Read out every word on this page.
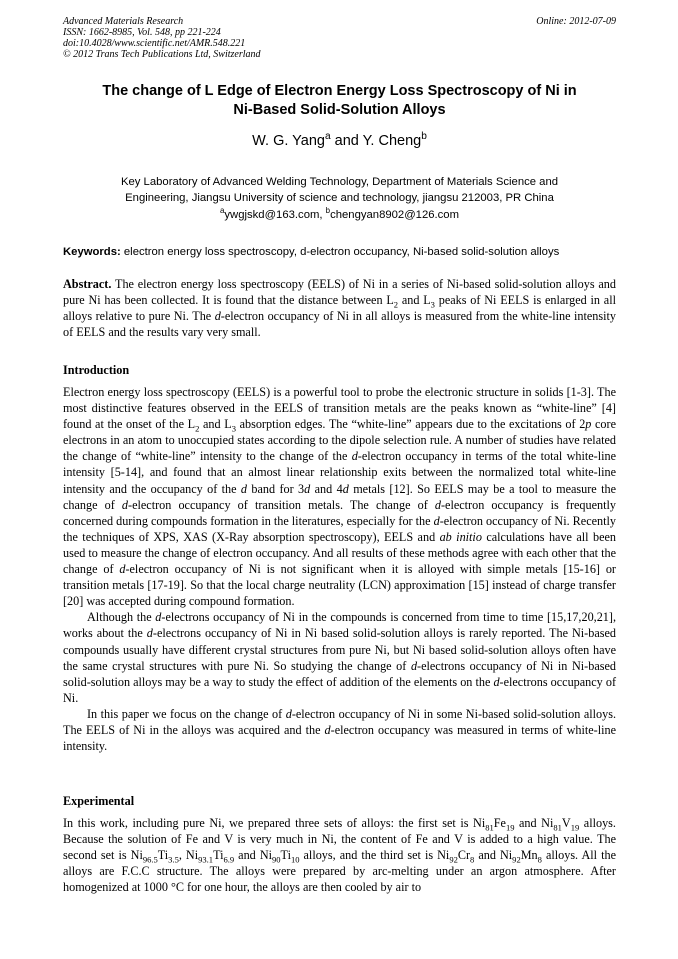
Advanced Materials Research
ISSN: 1662-8985, Vol. 548, pp 221-224
doi:10.4028/www.scientific.net/AMR.548.221
© 2012 Trans Tech Publications Ltd, Switzerland
Online: 2012-07-09
The change of L Edge of Electron Energy Loss Spectroscopy of Ni in
Ni-Based Solid-Solution Alloys
W. G. Yang$^a$ and Y. Cheng$^b$
Key Laboratory of Advanced Welding Technology, Department of Materials Science and
Engineering, Jiangsu University of science and technology, jiangsu 212003, PR China
$^a$ywgjskd@163.com, $^b$chengyan8902@126.com
Keywords: electron energy loss spectroscopy, d-electron occupancy, Ni-based solid-solution alloys

Abstract. The electron energy loss spectroscopy (EELS) of Ni in a series of Ni-based solid-solution alloys and pure Ni has been collected. It is found that the distance between $L_2$ and $L_3$ peaks of Ni EELS is enlarged in all alloys relative to pure Ni. The d-electron occupancy of Ni in all alloys is measured from the white-line intensity of EELS and the results vary very small.

Introduction

Electron energy loss spectroscopy (EELS) is a powerful tool to probe the electronic structure in solids [1-3]. The most distinctive features observed in the EELS of transition metals are the peaks known as “white-line” [4] found at the onset of the $L_2$ and $L_3$ absorption edges. The “white-line” appears due to the excitations of 2p core electrons in an atom to unoccupied states according to the dipole selection rule. A number of studies have related the change of “white-line” intensity to the change of the d-electron occupancy in terms of the total white-line intensity [5-14], and found that an almost linear relationship exits between the normalized total white-line intensity and the occupancy of the d band for 3d and 4d metals [12]. So EELS may be a tool to measure the change of d-electron occupancy of transition metals. The change of d-electron occupancy is frequently concerned during compounds formation in the literatures, especially for the d-electron occupancy of Ni. Recently the techniques of XPS, XAS (X-Ray absorption spectroscopy), EELS and ab initio calculations have all been used to measure the change of electron occupancy. And all results of these methods agree with each other that the change of d-electron occupancy of Ni is not significant when it is alloyed with simple metals [15-16] or transition metals [17-19]. So that the local charge neutrality (LCN) approximation [15] instead of charge transfer [20] was accepted during compound formation.

Although the d-electrons occupancy of Ni in the compounds is concerned from time to time [15,17,20,21], works about the d-electrons occupancy of Ni in Ni based solid-solution alloys is rarely reported. The Ni-based compounds usually have different crystal structures from pure Ni, but Ni based solid-solution alloys often have the same crystal structures with pure Ni. So studying the change of d-electrons occupancy of Ni in Ni-based solid-solution alloys may be a way to study the effect of addition of the elements on the d-electrons occupancy of Ni.

In this paper we focus on the change of d-electron occupancy of Ni in some Ni-based solid-solution alloys. The EELS of Ni in the alloys was acquired and the d-electron occupancy was measured in terms of white-line intensity.

Experimental

In this work, including pure Ni, we prepared three sets of alloys: the first set is $Ni_{81}Fe_{19}$ and $Ni_{81}V_{19}$ alloys. Because the solution of Fe and V is very much in Ni, the content of Fe and V is added to a high value. The second set is $Ni_{96.5}Ti_{3.5}$, $Ni_{93.1}Ti_{6.9}$ and $Ni_{90}Ti_{10}$ alloys, and the third set is $Ni_{92}Cr_8$ and $Ni_{92}Mn_8$ alloys. All the alloys are F.C.C structure. The alloys were prepared by arc-melting under an argon atmosphere. After homogenized at 1000 °C for one hour, the alloys are then cooled by air to
